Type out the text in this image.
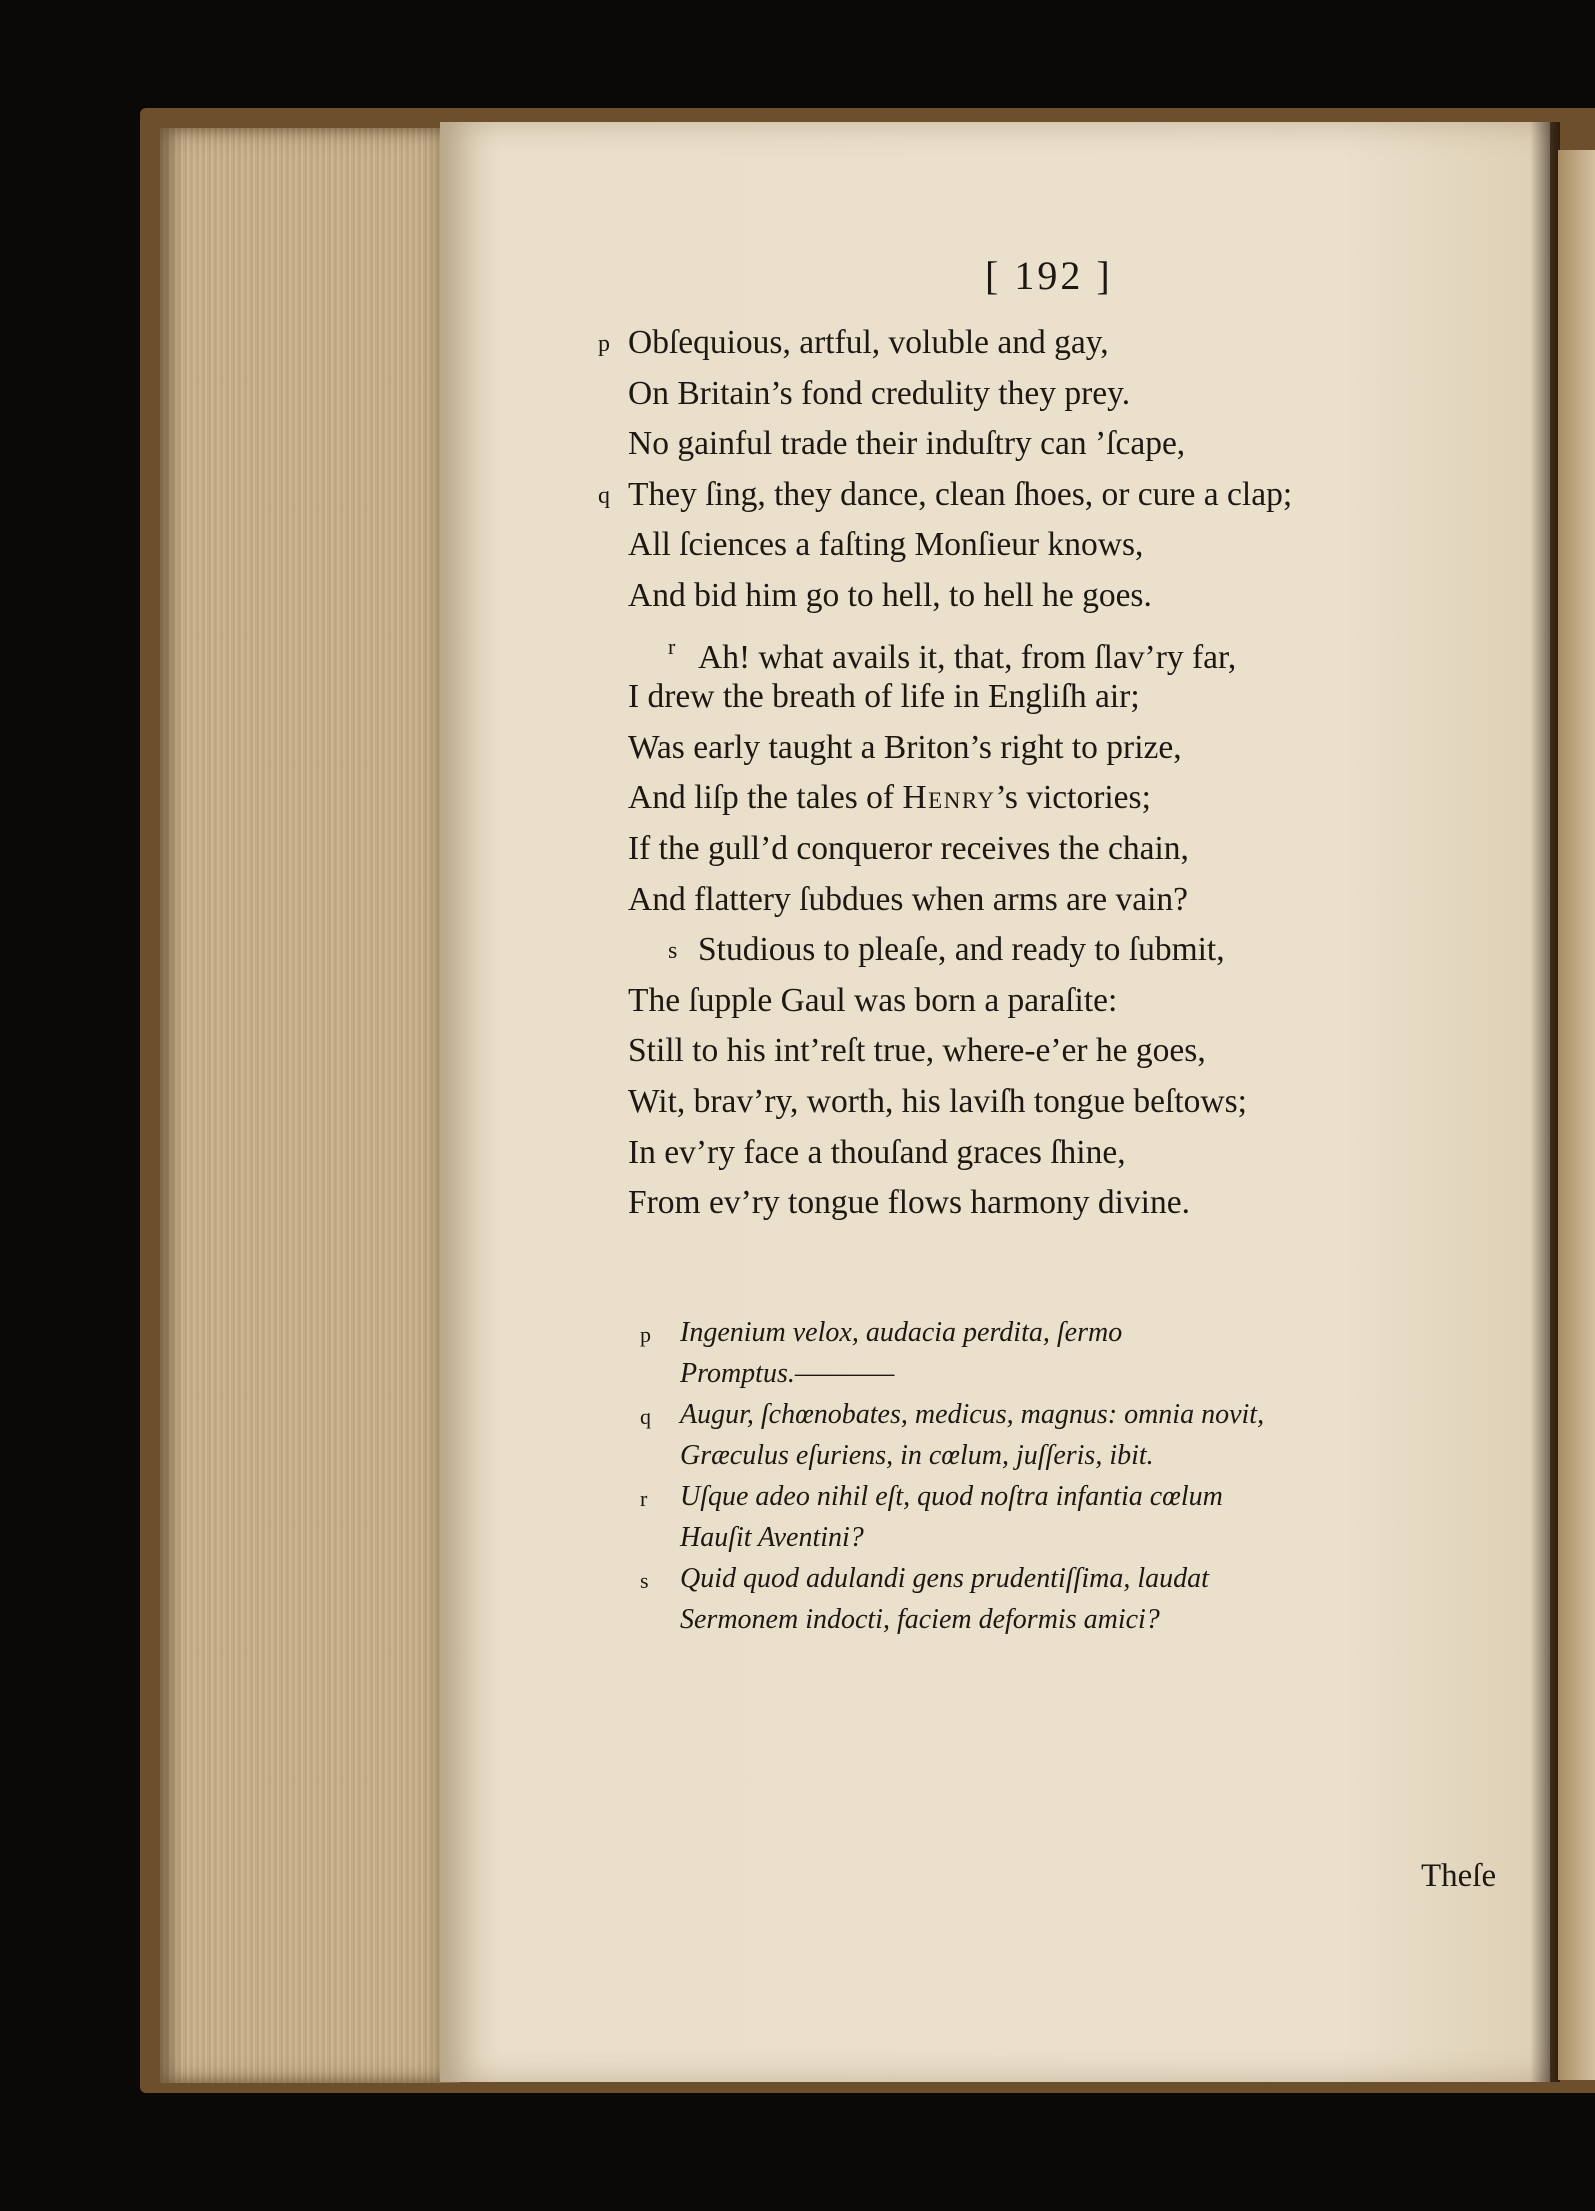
[ 192 ]
p Obſequious, artful, voluble and gay,
On Britain’s fond credulity they prey.
No gainful trade their induſtry can ’ſcape,
q They ſing, they dance, clean ſhoes, or cure a clap;
All ſciences a faſting Monſieur knows,
And bid him go to hell, to hell he goes.
r Ah! what avails it, that, from ſlav’ry far,
I drew the breath of life in Engliſh air;
Was early taught a Briton’s right to prize,
And liſp the tales of Henry’s victories;
If the gull’d conqueror receives the chain,
And flattery ſubdues when arms are vain?
s Studious to pleaſe, and ready to ſubmit,
The ſupple Gaul was born a paraſite:
Still to his int’reſt true, where-e’er he goes,
Wit, brav’ry, worth, his laviſh tongue beſtows;
In ev’ry face a thouſand graces ſhine,
From ev’ry tongue flows harmony divine.
p Ingenium velox, audacia perdita, ſermo
Promptus.————
q Augur, ſchœnobates, medicus, magnus: omnia novit,
Græculus eſuriens, in cœlum, juſſeris, ibit.
r Uſque adeo nihil eſt, quod noſtra infantia cœlum
Hauſit Aventini?
s Quid quod adulandi gens prudentiſſima, laudat
Sermonem indocti, faciem deformis amici?
Theſe
